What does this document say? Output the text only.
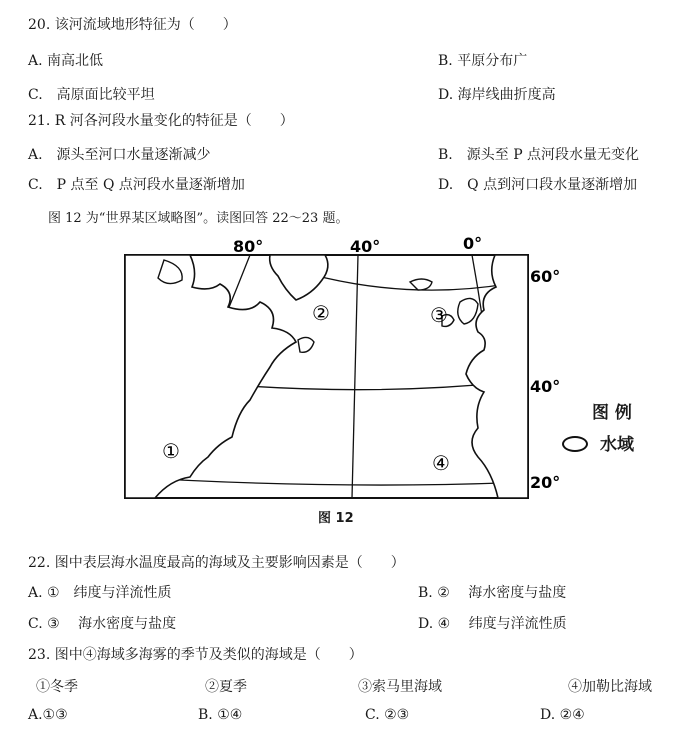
20. 该河流域地形特征为（　　）
A. 南高北低	B. 平原分布广
C.　高原面比较平坦	D. 海岸线曲折度高
21. R 河各河段水量变化的特征是（　　）
A.　源头至河口水量逐渐减少	B.　源头至 P 点河段水量无变化
C.　P 点至 Q 点河段水量逐渐增加	D.　Q 点到河口段水量逐渐增加
图 12 为“世界某区域略图”。读图回答 22～23 题。
80°	40°	0°
60°
40°
20°
①
②	③
④
图 12
图 例
水域
22. 图中表层海水温度最高的海域及主要影响因素是（　　）
A. ①　纬度与洋流性质	B. ②　 海水密度与盐度
C. ③　 海水密度与盐度	D. ④　 纬度与洋流性质
23. 图中④海域多海雾的季节及类似的海域是（　　）
①冬季	②夏季	③索马里海域	④加勒比海域
A.①③	B. ①④	C. ②③	D. ②④
